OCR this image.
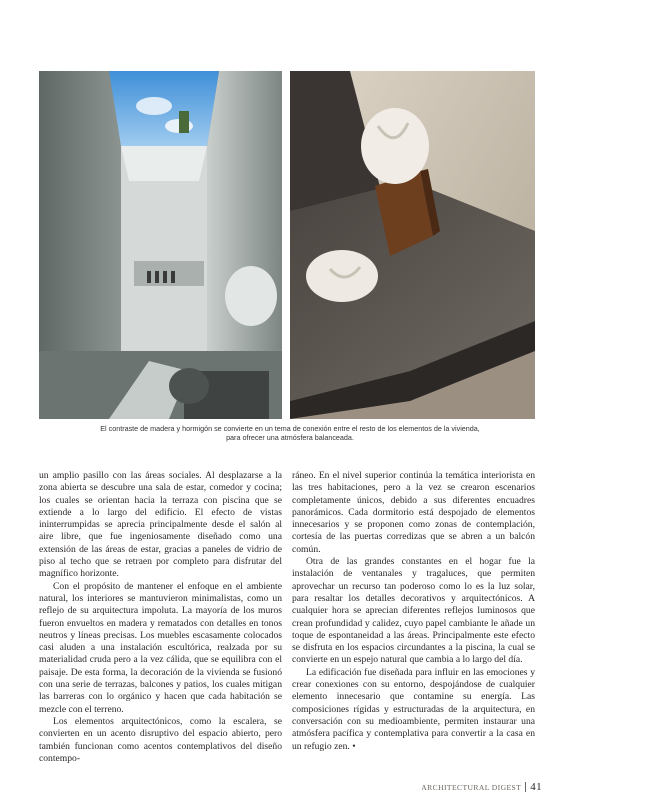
El contraste de madera y hormigón se convierte en un tema de conexión entre el resto de los elementos de la vivienda, para ofrecer una atmósfera balanceada.

un amplio pasillo con las áreas sociales. Al desplazarse a la zona abierta se descubre una sala de estar, comedor y cocina; los cuales se orientan hacia la terraza con piscina que se extiende a lo largo del edificio. El efecto de vistas ininterrumpidas se aprecia principalmente desde el salón al aire libre, que fue ingeniosamente diseñado como una extensión de las áreas de estar, gracias a paneles de vidrio de piso al techo que se retraen por completo para disfrutar del magnífico horizonte.

Con el propósito de mantener el enfoque en el ambiente natural, los interiores se mantuvieron minimalistas, como un reflejo de su arquitectura impoluta. La mayoría de los muros fueron envueltos en madera y rematados con detalles en tonos neutros y líneas precisas. Los muebles escasamente colocados casi aluden a una instalación escultórica, realzada por su materialidad cruda pero a la vez cálida, que se equilibra con el paisaje. De esta forma, la decoración de la vivienda se fusionó con una serie de terrazas, balcones y patios, los cuales mitigan las barreras con lo orgánico y hacen que cada habitación se mezcle con el terreno.

Los elementos arquitectónicos, como la escalera, se convierten en un acento disruptivo del espacio abierto, pero también funcionan como acentos contemplativos del diseño contempo-

ráneo. En el nivel superior continúa la temática interiorista en las tres habitaciones, pero a la vez se crearon escenarios completamente únicos, debido a sus diferentes encuadres panorámicos. Cada dormitorio está despojado de elementos innecesarios y se proponen como zonas de contemplación, cortesía de las puertas corredizas que se abren a un balcón común.

Otra de las grandes constantes en el hogar fue la instalación de ventanales y tragaluces, que permiten aprovechar un recurso tan poderoso como lo es la luz solar, para resaltar los detalles decorativos y arquitectónicos. A cualquier hora se aprecian diferentes reflejos luminosos que crean profundidad y calidez, cuyo papel cambiante le añade un toque de espontaneidad a las áreas. Principalmente este efecto se disfruta en los espacios circundantes a la piscina, la cual se convierte en un espejo natural que cambia a lo largo del día.

La edificación fue diseñada para influir en las emociones y crear conexiones con su entorno, despojándose de cualquier elemento innecesario que contamine su energía. Las composiciones rígidas y estructuradas de la arquitectura, en conversación con su medioambiente, permiten instaurar una atmósfera pacífica y contemplativa para convertir a la casa en un refugio zen. •

ARCHITECTURAL DIGEST 41
